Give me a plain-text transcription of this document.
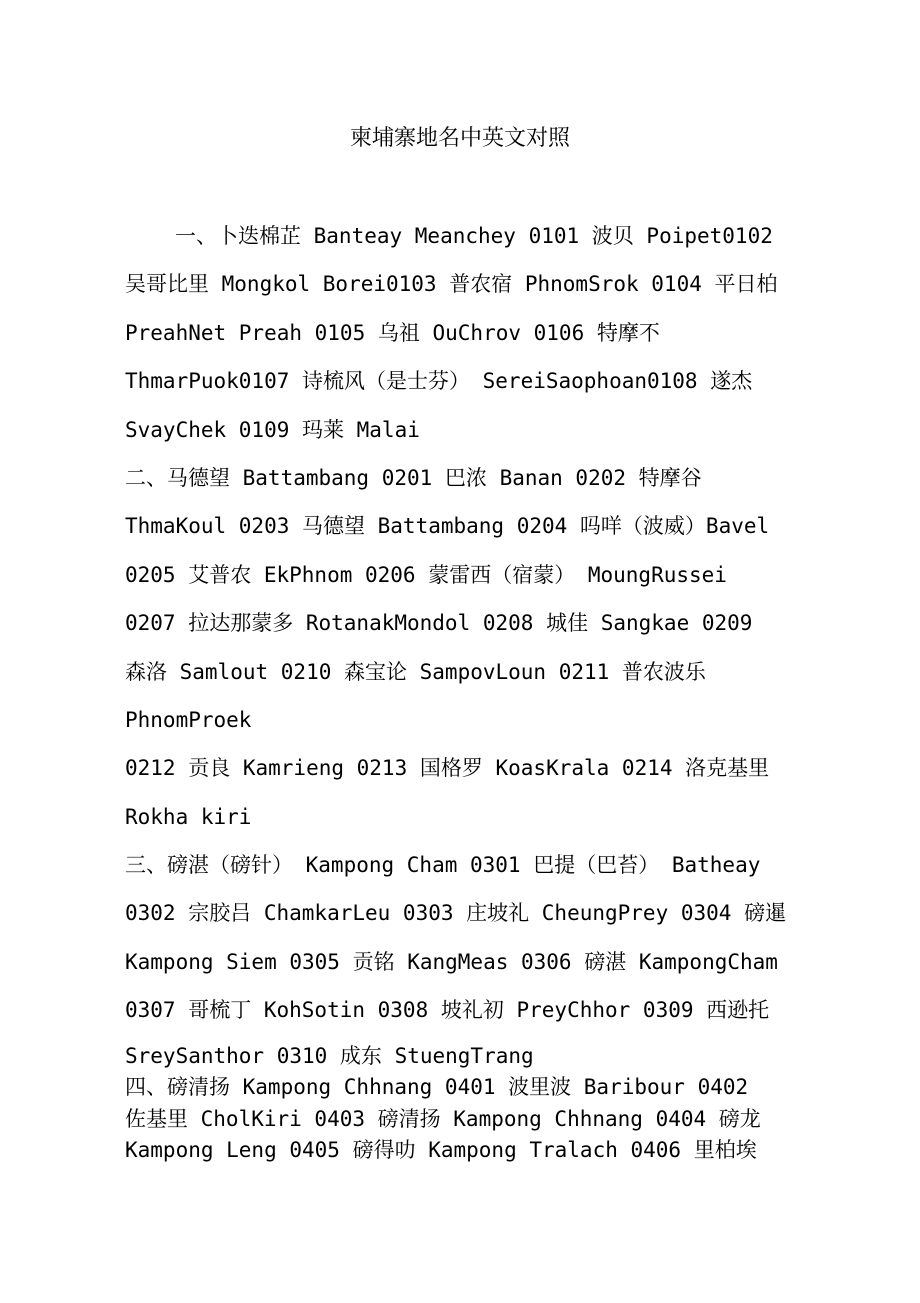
柬埔寨地名中英文对照
一、卜迭棉芷 Banteay Meanchey 0101 波贝 Poipet0102
吴哥比里 Mongkol Borei0103 普农宿 PhnomSrok 0104 平日柏
PreahNet Preah 0105 乌祖 OuChrov 0106 特摩不
ThmarPuok0107 诗梳风（是士芬） SereiSaophoan0108 遂杰
SvayChek 0109 玛莱 Malai
二、马德望 Battambang 0201 巴浓 Banan 0202 特摩谷
ThmaKoul 0203 马德望 Battambang 0204 吗咩（波威）Bavel
0205 艾普农 EkPhnom 0206 蒙雷西（宿蒙） MoungRussei
0207 拉达那蒙多 RotanakMondol 0208 城佳 Sangkae 0209
森洛 Samlout 0210 森宝论 SampovLoun 0211 普农波乐
PhnomProek
0212 贡良 Kamrieng 0213 国格罗 KoasKrala 0214 洛克基里
Rokha kiri
三、磅湛（磅针） Kampong Cham 0301 巴提（巴苔） Batheay
0302 宗胶吕 ChamkarLeu 0303 庄坡礼 CheungPrey 0304 磅暹
Kampong Siem 0305 贡铭 KangMeas 0306 磅湛 KampongCham
0307 哥梳丁 KohSotin 0308 坡礼初 PreyChhor 0309 西逊托
SreySanthor 0310 成东 StuengTrang
四、磅清扬 Kampong Chhnang 0401 波里波 Baribour 0402
佐基里 CholKiri 0403 磅清扬 Kampong Chhnang 0404 磅龙
Kampong Leng 0405 磅得叻 Kampong Tralach 0406 里柏埃
